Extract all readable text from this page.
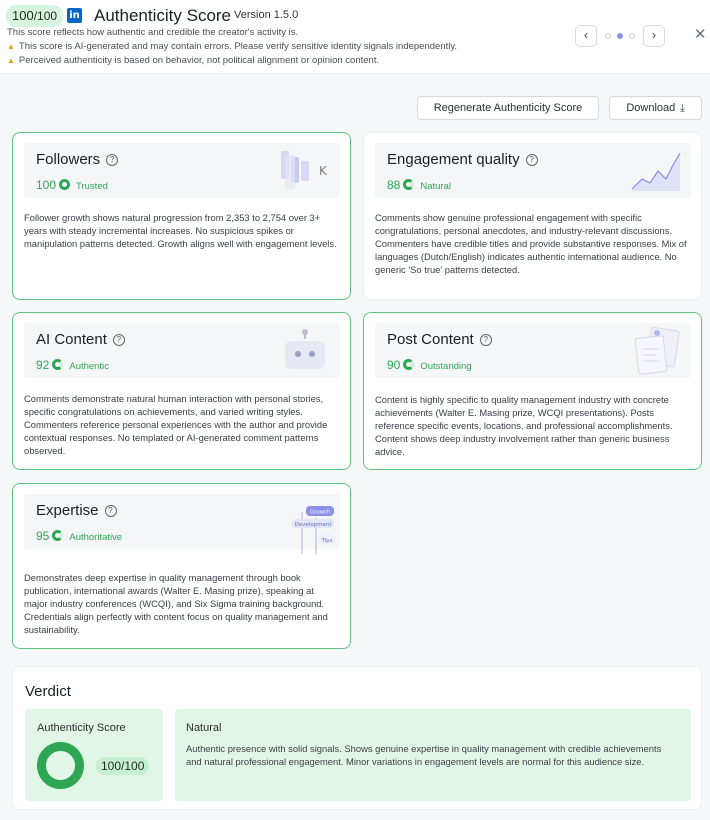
100/100	in Authenticity Score Version 1.5.0
This score reflects how authentic and credible the creator's activity is.
▲ This score is AI-generated and may contain errors. Please verify sensitive identity signals independently.
▲ Perceived authenticity is based on behavior, not political alignment or opinion content.
‹	›	✕
Regenerate Authenticity Score	Download ⤓
Followers ?
100 Trusted
K
Follower growth shows natural progression from 2,353 to 2,754 over 3+ years with steady incremental increases. No suspicious spikes or manipulation patterns detected. Growth aligns well with engagement levels.
Engagement quality ?
88 Natural
Comments show genuine professional engagement with specific congratulations, personal anecdotes, and industry-relevant discussions. Commenters have credible titles and provide substantive responses. Mix of languages (Dutch/English) indicates authentic international audience. No generic 'So true' patterns detected.
AI Content ?
92 Authentic
Comments demonstrate natural human interaction with personal stories, specific congratulations on achievements, and varied writing styles. Commenters reference personal experiences with the author and provide contextual responses. No templated or AI-generated comment patterns observed.
Post Content ?
90 Outstanding
Content is highly specific to quality management industry with concrete achievements (Walter E. Masing prize, WCQI presentations). Posts reference specific events, locations, and professional accomplishments. Content shows deep industry involvement rather than generic business advice.
Expertise ?
95 Authoritative
Growth
Development
Tips
Demonstrates deep expertise in quality management through book publication, international awards (Walter E. Masing prize), speaking at major industry conferences (WCQI), and Six Sigma training background. Credentials align perfectly with content focus on quality management and sustainability.
Verdict
Authenticity Score
100/100
Natural
Authentic presence with solid signals. Shows genuine expertise in quality management with credible achievements and natural professional engagement. Minor variations in engagement levels are normal for this audience size.
